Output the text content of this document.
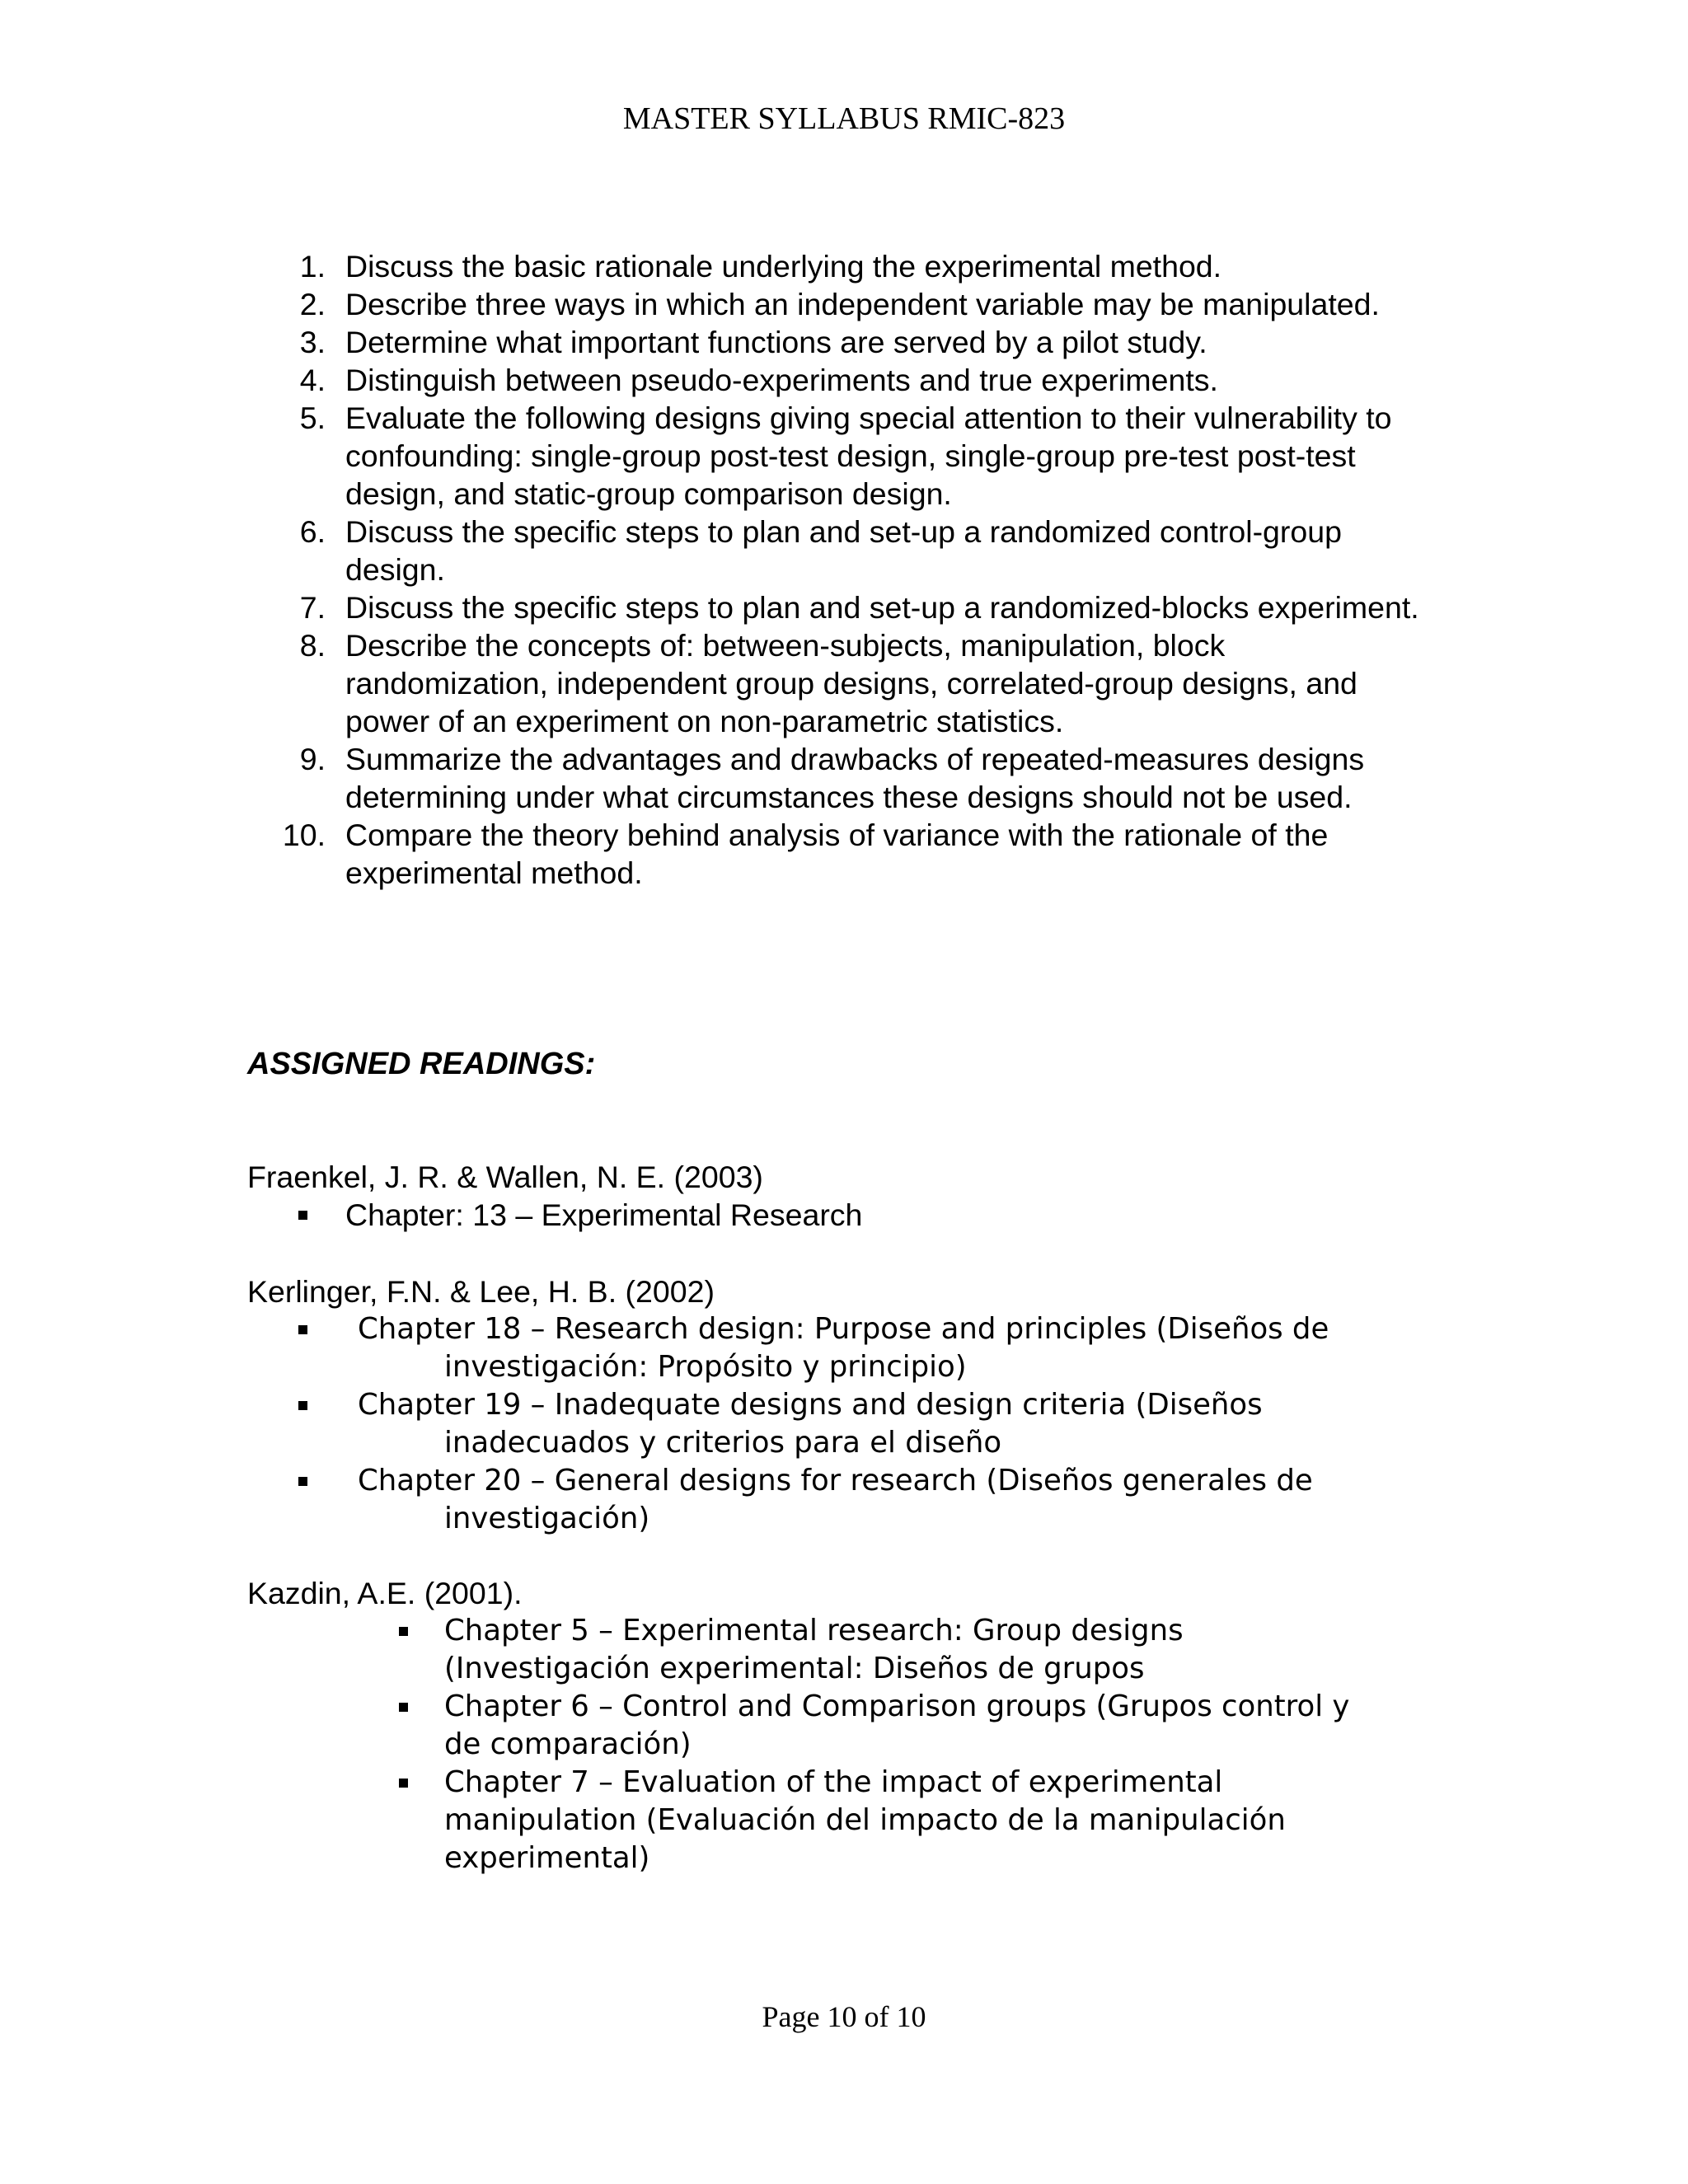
MASTER SYLLABUS RMIC-823
1. Discuss the basic rationale underlying the experimental method.
2. Describe three ways in which an independent variable may be manipulated.
3. Determine what important functions are served by a pilot study.
4. Distinguish between pseudo-experiments and true experiments.
5. Evaluate the following designs giving special attention to their vulnerability to confounding: single-group post-test design, single-group pre-test post-test design, and static-group comparison design.
6. Discuss the specific steps to plan and set-up a randomized control-group design.
7. Discuss the specific steps to plan and set-up a randomized-blocks experiment.
8. Describe the concepts of: between-subjects, manipulation, block randomization, independent group designs, correlated-group designs, and power of an experiment on non-parametric statistics.
9. Summarize the advantages and drawbacks of repeated-measures designs determining under what circumstances these designs should not be used.
10. Compare the theory behind analysis of variance with the rationale of the experimental method.
ASSIGNED READINGS:
Fraenkel, J. R. & Wallen, N. E. (2003)
Chapter: 13 – Experimental Research
Kerlinger, F.N. & Lee, H. B. (2002)
Chapter 18 – Research design: Purpose and principles (Diseños de
investigación: Propósito y principio)
Chapter 19 – Inadequate designs and design criteria (Diseños
inadecuados y criterios para el diseño
Chapter 20 – General designs for research (Diseños generales de
investigación)
Kazdin, A.E. (2001).
Chapter 5 – Experimental research: Group designs
(Investigación experimental: Diseños de grupos
Chapter 6 – Control and Comparison groups (Grupos control y
de comparación)
Chapter 7 – Evaluation of the impact of experimental
manipulation (Evaluación del impacto de la manipulación
experimental)
Page 10 of 10
